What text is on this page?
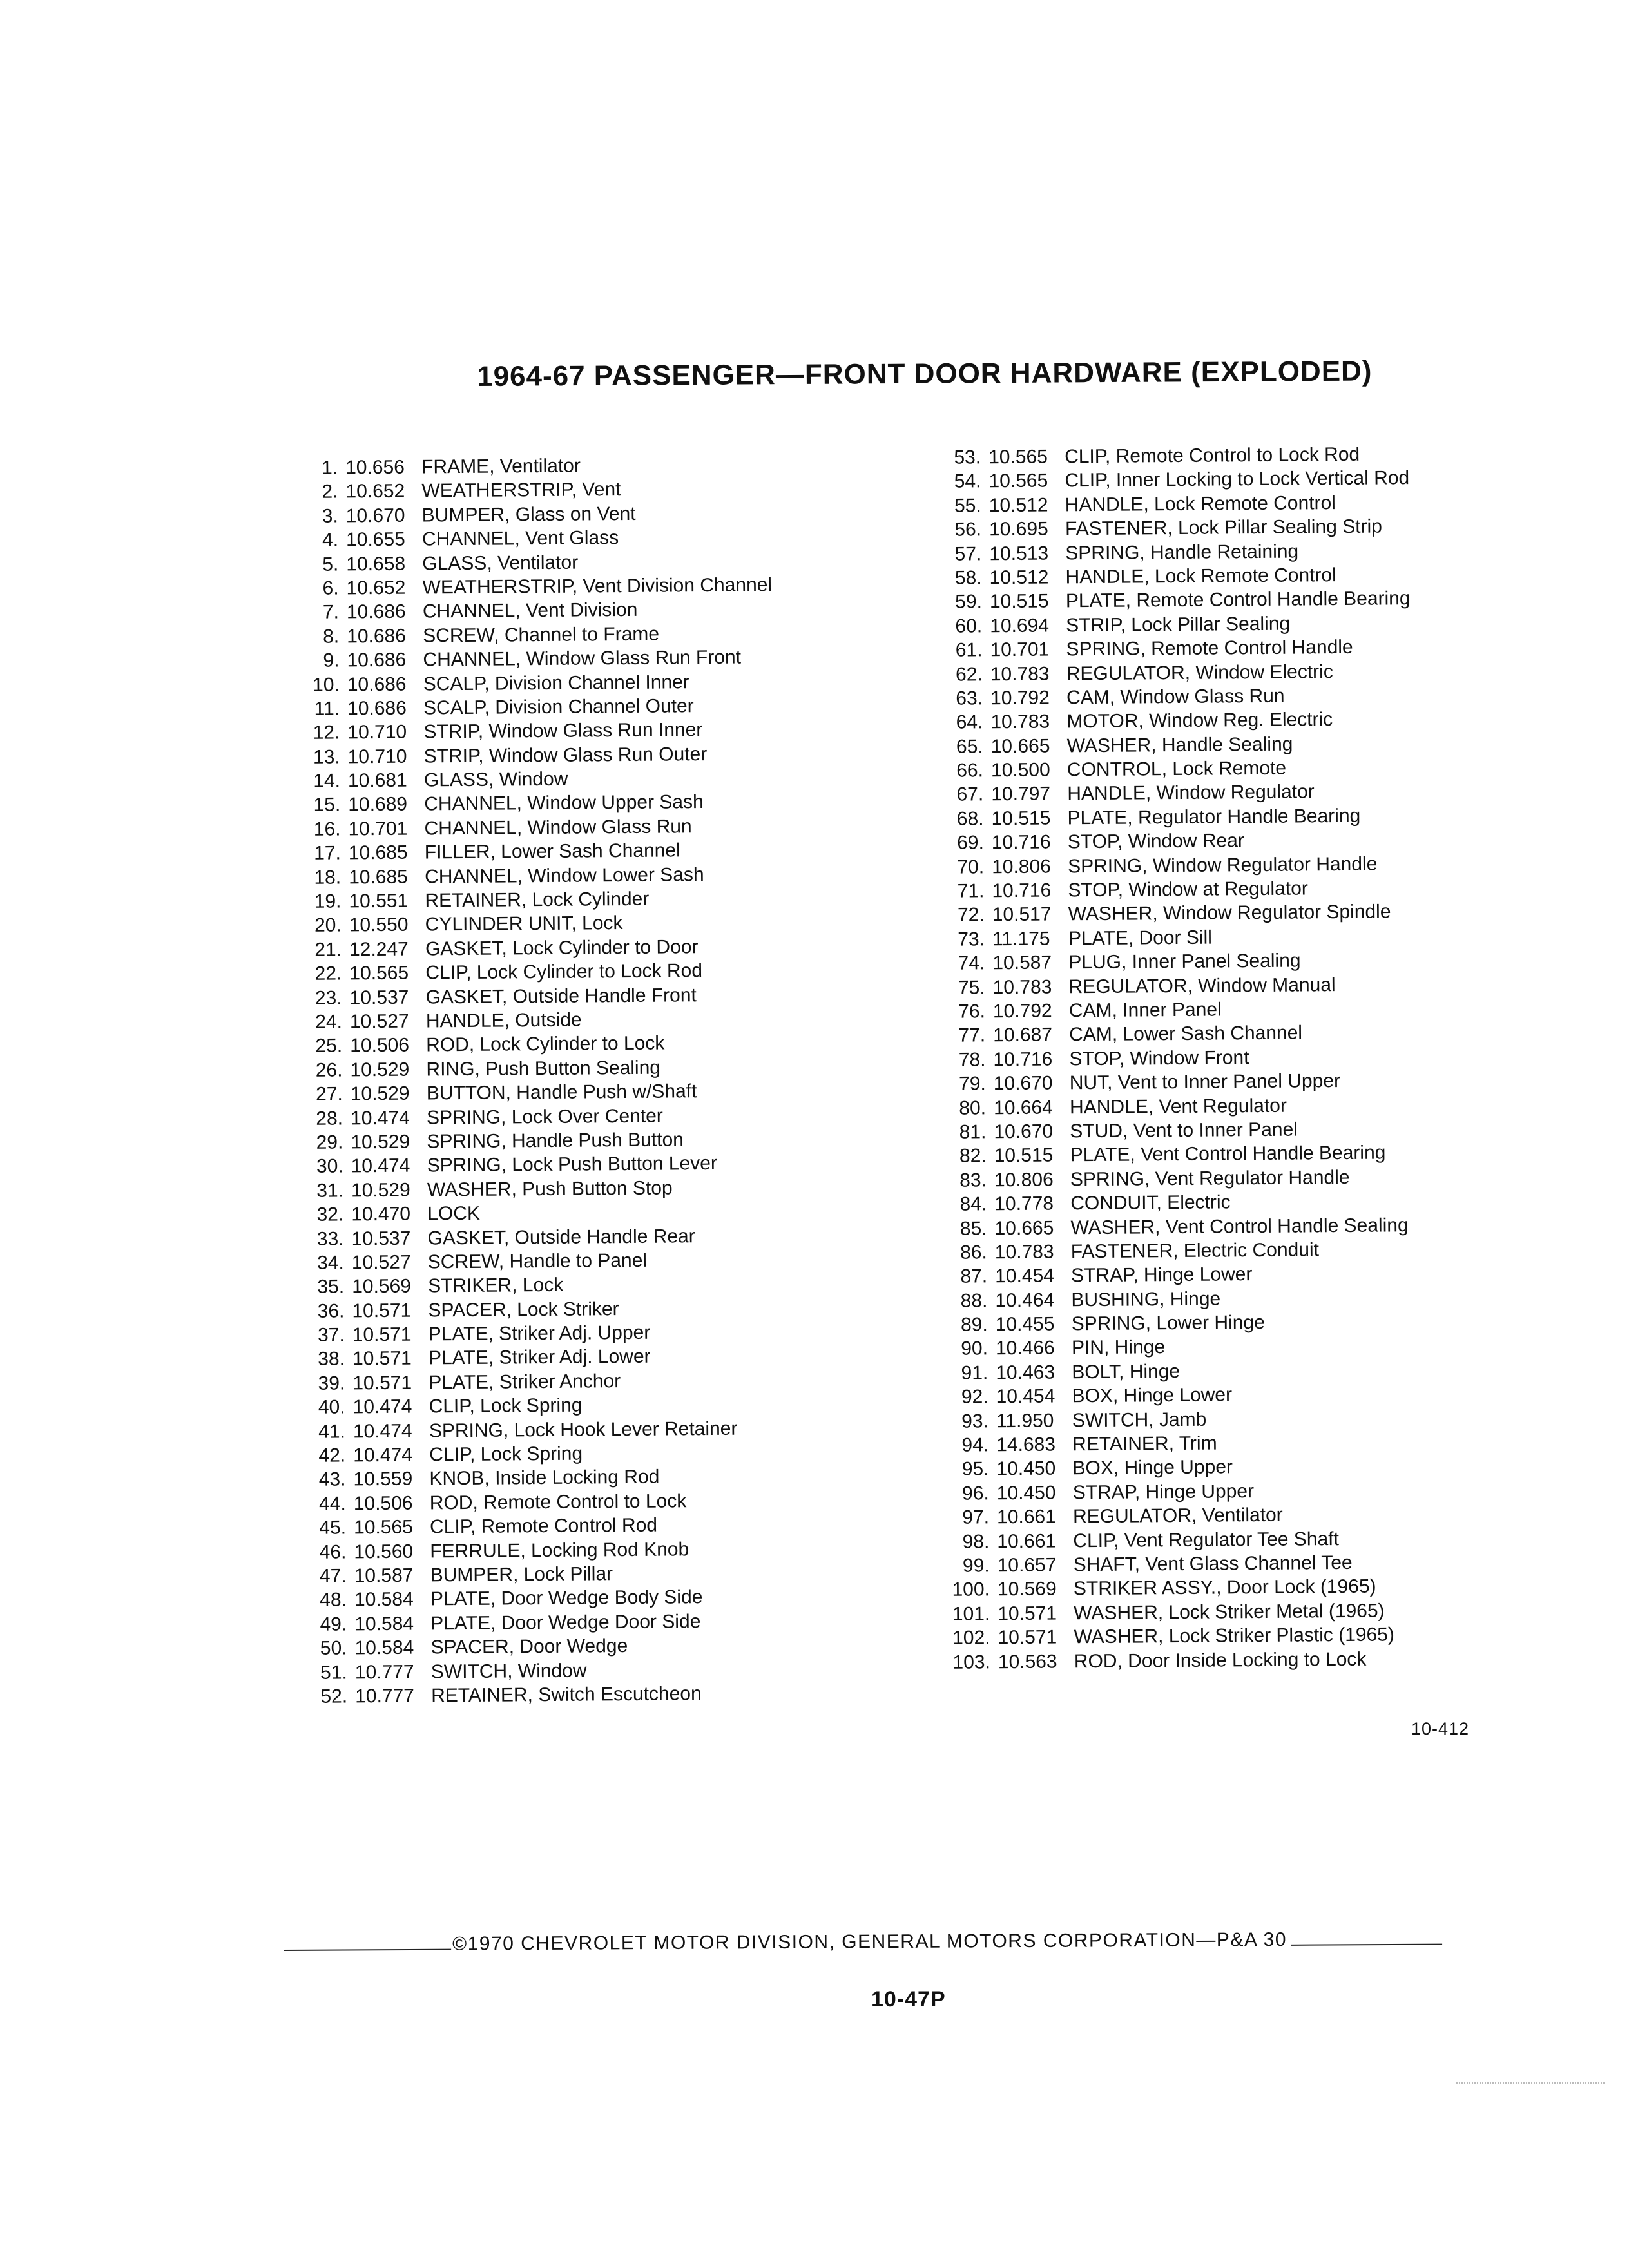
1964-67 PASSENGER—FRONT DOOR HARDWARE (EXPLODED)
1. 10.656 FRAME, Ventilator
2. 10.652 WEATHERSTRIP, Vent
3. 10.670 BUMPER, Glass on Vent
4. 10.655 CHANNEL, Vent Glass
5. 10.658 GLASS, Ventilator
6. 10.652 WEATHERSTRIP, Vent Division Channel
7. 10.686 CHANNEL, Vent Division
8. 10.686 SCREW, Channel to Frame
9. 10.686 CHANNEL, Window Glass Run Front
10. 10.686 SCALP, Division Channel Inner
11. 10.686 SCALP, Division Channel Outer
12. 10.710 STRIP, Window Glass Run Inner
13. 10.710 STRIP, Window Glass Run Outer
14. 10.681 GLASS, Window
15. 10.689 CHANNEL, Window Upper Sash
16. 10.701 CHANNEL, Window Glass Run
17. 10.685 FILLER, Lower Sash Channel
18. 10.685 CHANNEL, Window Lower Sash
19. 10.551 RETAINER, Lock Cylinder
20. 10.550 CYLINDER UNIT, Lock
21. 12.247 GASKET, Lock Cylinder to Door
22. 10.565 CLIP, Lock Cylinder to Lock Rod
23. 10.537 GASKET, Outside Handle Front
24. 10.527 HANDLE, Outside
25. 10.506 ROD, Lock Cylinder to Lock
26. 10.529 RING, Push Button Sealing
27. 10.529 BUTTON, Handle Push w/Shaft
28. 10.474 SPRING, Lock Over Center
29. 10.529 SPRING, Handle Push Button
30. 10.474 SPRING, Lock Push Button Lever
31. 10.529 WASHER, Push Button Stop
32. 10.470 LOCK
33. 10.537 GASKET, Outside Handle Rear
34. 10.527 SCREW, Handle to Panel
35. 10.569 STRIKER, Lock
36. 10.571 SPACER, Lock Striker
37. 10.571 PLATE, Striker Adj. Upper
38. 10.571 PLATE, Striker Adj. Lower
39. 10.571 PLATE, Striker Anchor
40. 10.474 CLIP, Lock Spring
41. 10.474 SPRING, Lock Hook Lever Retainer
42. 10.474 CLIP, Lock Spring
43. 10.559 KNOB, Inside Locking Rod
44. 10.506 ROD, Remote Control to Lock
45. 10.565 CLIP, Remote Control Rod
46. 10.560 FERRULE, Locking Rod Knob
47. 10.587 BUMPER, Lock Pillar
48. 10.584 PLATE, Door Wedge Body Side
49. 10.584 PLATE, Door Wedge Door Side
50. 10.584 SPACER, Door Wedge
51. 10.777 SWITCH, Window
52. 10.777 RETAINER, Switch Escutcheon
53. 10.565 CLIP, Remote Control to Lock Rod
54. 10.565 CLIP, Inner Locking to Lock Vertical Rod
55. 10.512 HANDLE, Lock Remote Control
56. 10.695 FASTENER, Lock Pillar Sealing Strip
57. 10.513 SPRING, Handle Retaining
58. 10.512 HANDLE, Lock Remote Control
59. 10.515 PLATE, Remote Control Handle Bearing
60. 10.694 STRIP, Lock Pillar Sealing
61. 10.701 SPRING, Remote Control Handle
62. 10.783 REGULATOR, Window Electric
63. 10.792 CAM, Window Glass Run
64. 10.783 MOTOR, Window Reg. Electric
65. 10.665 WASHER, Handle Sealing
66. 10.500 CONTROL, Lock Remote
67. 10.797 HANDLE, Window Regulator
68. 10.515 PLATE, Regulator Handle Bearing
69. 10.716 STOP, Window Rear
70. 10.806 SPRING, Window Regulator Handle
71. 10.716 STOP, Window at Regulator
72. 10.517 WASHER, Window Regulator Spindle
73. 11.175 PLATE, Door Sill
74. 10.587 PLUG, Inner Panel Sealing
75. 10.783 REGULATOR, Window Manual
76. 10.792 CAM, Inner Panel
77. 10.687 CAM, Lower Sash Channel
78. 10.716 STOP, Window Front
79. 10.670 NUT, Vent to Inner Panel Upper
80. 10.664 HANDLE, Vent Regulator
81. 10.670 STUD, Vent to Inner Panel
82. 10.515 PLATE, Vent Control Handle Bearing
83. 10.806 SPRING, Vent Regulator Handle
84. 10.778 CONDUIT, Electric
85. 10.665 WASHER, Vent Control Handle Sealing
86. 10.783 FASTENER, Electric Conduit
87. 10.454 STRAP, Hinge Lower
88. 10.464 BUSHING, Hinge
89. 10.455 SPRING, Lower Hinge
90. 10.466 PIN, Hinge
91. 10.463 BOLT, Hinge
92. 10.454 BOX, Hinge Lower
93. 11.950 SWITCH, Jamb
94. 14.683 RETAINER, Trim
95. 10.450 BOX, Hinge Upper
96. 10.450 STRAP, Hinge Upper
97. 10.661 REGULATOR, Ventilator
98. 10.661 CLIP, Vent Regulator Tee Shaft
99. 10.657 SHAFT, Vent Glass Channel Tee
100. 10.569 STRIKER ASSY., Door Lock (1965)
101. 10.571 WASHER, Lock Striker Metal (1965)
102. 10.571 WASHER, Lock Striker Plastic (1965)
103. 10.563 ROD, Door Inside Locking to Lock
10-412
©1970 CHEVROLET MOTOR DIVISION, GENERAL MOTORS CORPORATION—P&A 30
10-47P
